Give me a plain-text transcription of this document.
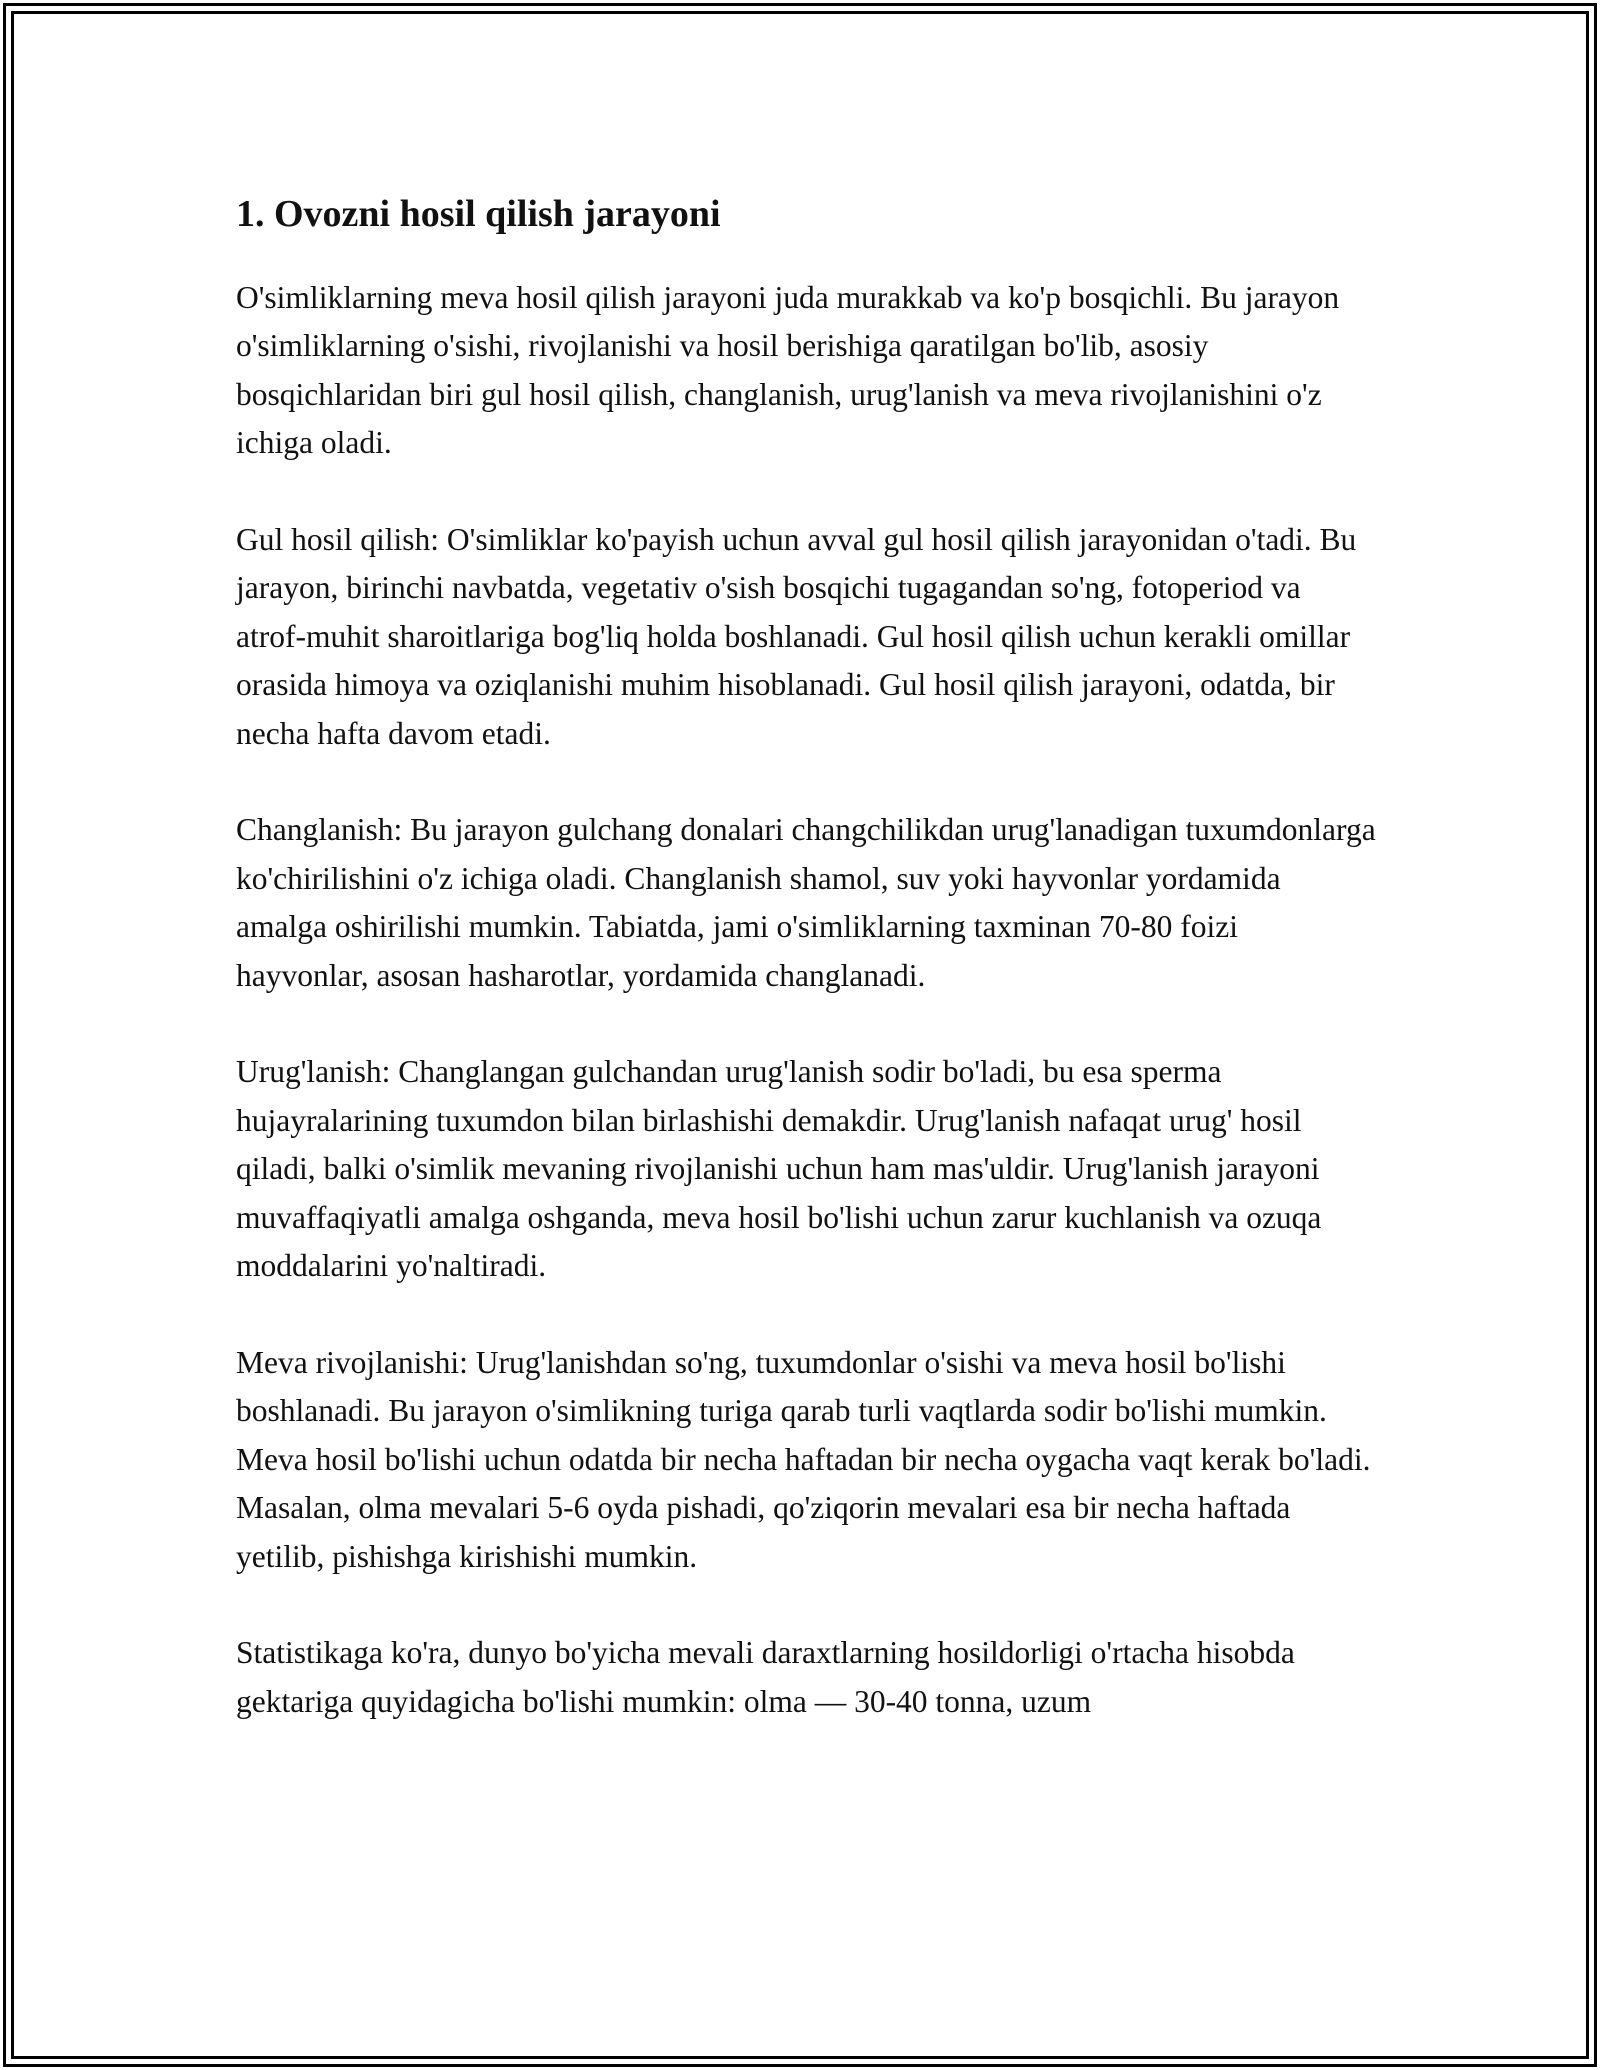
1. Ovozni hosil qilish jarayoni

O'simliklarning meva hosil qilish jarayoni juda murakkab va ko'p bosqichli. Bu jarayon o'simliklarning o'sishi, rivojlanishi va hosil berishiga qaratilgan bo'lib, asosiy bosqichlaridan biri gul hosil qilish, changlanish, urug'lanish va meva rivojlanishini o'z ichiga oladi.

Gul hosil qilish: O'simliklar ko'payish uchun avval gul hosil qilish jarayonidan o'tadi. Bu jarayon, birinchi navbatda, vegetativ o'sish bosqichi tugagandan so'ng, fotoperiod va atrof-muhit sharoitlariga bog'liq holda boshlanadi. Gul hosil qilish uchun kerakli omillar orasida himoya va oziqlanishi muhim hisoblanadi. Gul hosil qilish jarayoni, odatda, bir necha hafta davom etadi.

Changlanish: Bu jarayon gulchang donalari changchilikdan urug'lanadigan tuxumdonlarga ko'chirilishini o'z ichiga oladi. Changlanish shamol, suv yoki hayvonlar yordamida amalga oshirilishi mumkin. Tabiatda, jami o'simliklarning taxminan 70-80 foizi hayvonlar, asosan hasharotlar, yordamida changlanadi.

Urug'lanish: Changlangan gulchandan urug'lanish sodir bo'ladi, bu esa sperma hujayralarining tuxumdon bilan birlashishi demakdir. Urug'lanish nafaqat urug' hosil qiladi, balki o'simlik mevaning rivojlanishi uchun ham mas'uldir. Urug'lanish jarayoni muvaffaqiyatli amalga oshganda, meva hosil bo'lishi uchun zarur kuchlanish va ozuqa moddalarini yo'naltiradi.

Meva rivojlanishi: Urug'lanishdan so'ng, tuxumdonlar o'sishi va meva hosil bo'lishi boshlanadi. Bu jarayon o'simlikning turiga qarab turli vaqtlarda sodir bo'lishi mumkin. Meva hosil bo'lishi uchun odatda bir necha haftadan bir necha oygacha vaqt kerak bo'ladi. Masalan, olma mevalari 5-6 oyda pishadi, qo'ziqorin mevalari esa bir necha haftada yetilib, pishishga kirishishi mumkin.

Statistikaga ko'ra, dunyo bo'yicha mevali daraxtlarning hosildorligi o'rtacha hisobda gektariga quyidagicha bo'lishi mumkin: olma — 30-40 tonna, uzum
